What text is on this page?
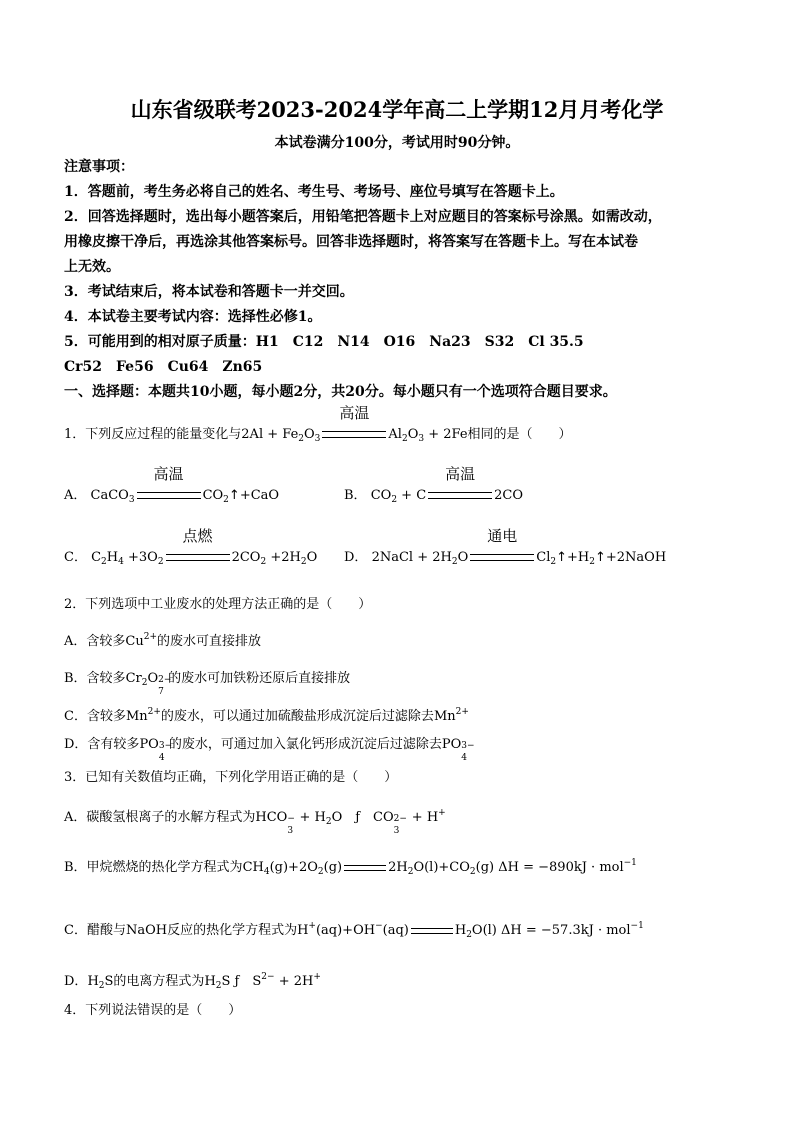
山东省级联考2023-2024学年高二上学期12月月考化学
本试卷满分100分，考试用时90分钟。
注意事项：
1．答题前，考生务必将自己的姓名、考生号、考场号、座位号填写在答题卡上。
2．回答选择题时，选出每小题答案后，用铅笔把答题卡上对应题目的答案标号涂黑。如需改动，
用橡皮擦干净后，再选涂其他答案标号。回答非选择题时，将答案写在答题卡上。写在本试卷
上无效。
3．考试结束后，将本试卷和答题卡一并交回。
4．本试卷主要考试内容：选择性必修1。
5．可能用到的相对原子质量：H1　C12　N14　O16　Na23　S32　Cl 35.5
Cr52　Fe56　Cu64　Zn65
一、选择题：本题共10小题，每小题2分，共20分。每小题只有一个选项符合题目要求。
1．下列反应过程的能量变化与$2Al + Fe_2O_3$
高温
$Al_2O_3 + 2Fe$相同的是（　　）
A． CaCO$_3$
高温
$CO_2↑+CaO$	B． $CO_2 + C$
高温
2CO
C． $C_2H_4 +3O_2$
点燃
$2CO_2 +2H_2O$ D． 2NaCl + $2H_2O$
通电
$Cl_2↑+H_2↑+2NaOH$
2．下列选项中工业废水的处理方法正确的是（　　）
A．含较多$Cu^{2+}$的废水可直接排放
B．含较多$Cr_2O$ 2−
7
的废水可加铁粉还原后直接排放
C．含较多$Mn^{2+}$的废水，可以通过加硫酸盐形成沉淀后过滤除去$Mn^{2+}$
D．含有较多PO 3−
4
的废水，可通过加入氯化钙形成沉淀后过滤除去PO 3−
4
3．已知有关数值均正确，下列化学用语正确的是（　　）
A．碳酸氢根离子的水解方程式为HCO −
3
+ $H_2O$　ƒ　CO 2−
3
+ H+
B．甲烷燃烧的热化学方程式为$CH_4(g)+2O_2(g)$	$2H_2O(l)+CO_2(g) \Delta H = -890kJ \cdot mol^{-1}$
C．醋酸与NaOH反应的热化学方程式为H+(aq)+OH−(aq)	$H_2O(l) \Delta H = -57.3kJ \cdot mol^{-1}$
D．$H_2S$的电离方程式为$H_2S$ ƒ　$S^{2-} + 2H^+$
4．下列说法错误的是（　　）
